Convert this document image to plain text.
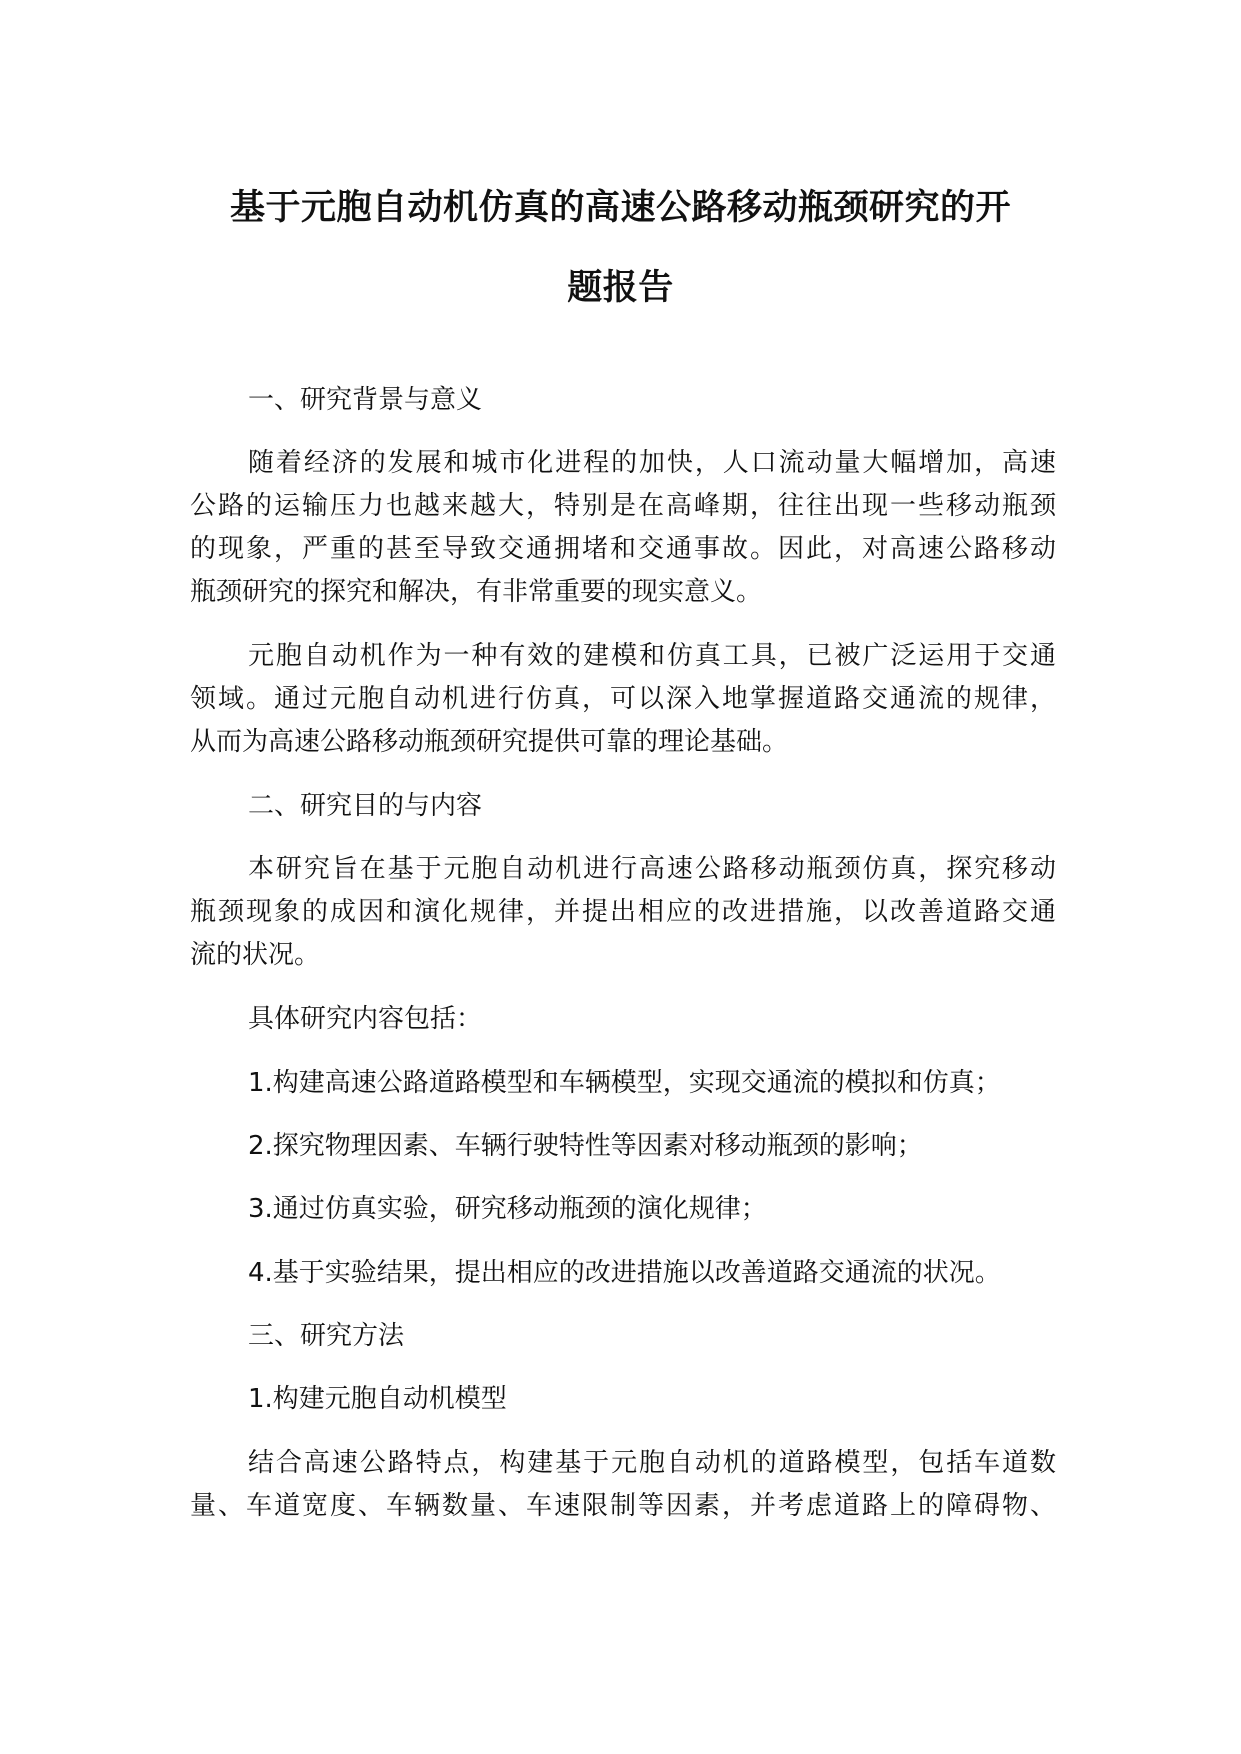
基于元胞自动机仿真的高速公路移动瓶颈研究的开
题报告
一、研究背景与意义
随着经济的发展和城市化进程的加快，人口流动量大幅增加，高速
公路的运输压力也越来越大，特别是在高峰期，往往出现一些移动瓶颈
的现象，严重的甚至导致交通拥堵和交通事故。因此，对高速公路移动
瓶颈研究的探究和解决，有非常重要的现实意义。
元胞自动机作为一种有效的建模和仿真工具，已被广泛运用于交通
领域。通过元胞自动机进行仿真，可以深入地掌握道路交通流的规律，
从而为高速公路移动瓶颈研究提供可靠的理论基础。
二、研究目的与内容
本研究旨在基于元胞自动机进行高速公路移动瓶颈仿真，探究移动
瓶颈现象的成因和演化规律，并提出相应的改进措施，以改善道路交通
流的状况。
具体研究内容包括：
1.构建高速公路道路模型和车辆模型，实现交通流的模拟和仿真；
2.探究物理因素、车辆行驶特性等因素对移动瓶颈的影响；
3.通过仿真实验，研究移动瓶颈的演化规律；
4.基于实验结果，提出相应的改进措施以改善道路交通流的状况。
三、研究方法
1.构建元胞自动机模型
结合高速公路特点，构建基于元胞自动机的道路模型，包括车道数
量、车道宽度、车辆数量、车速限制等因素，并考虑道路上的障碍物、
